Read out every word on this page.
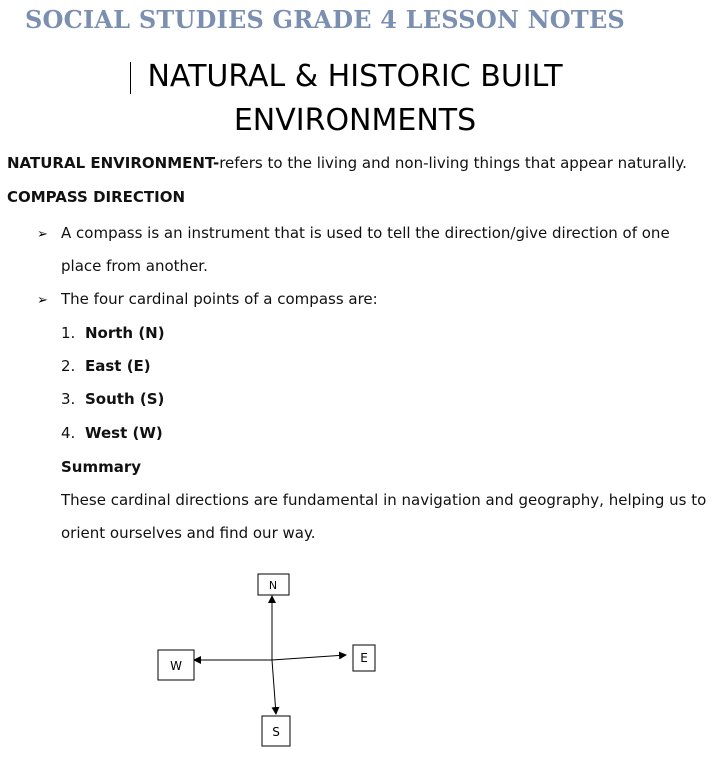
SOCIAL STUDIES GRADE 4 LESSON NOTES
NATURAL & HISTORIC BUILT
ENVIRONMENTS
NATURAL ENVIRONMENT-refers to the living and non-living things that appear naturally.
COMPASS DIRECTION
➢ A compass is an instrument that is used to tell the direction/give direction of one
place from another.
➢ The four cardinal points of a compass are:
1. North (N)
2. East (E)
3. South (S)
4. West (W)
Summary
These cardinal directions are fundamental in navigation and geography, helping us to
orient ourselves and find our way.
N
E
W
S
